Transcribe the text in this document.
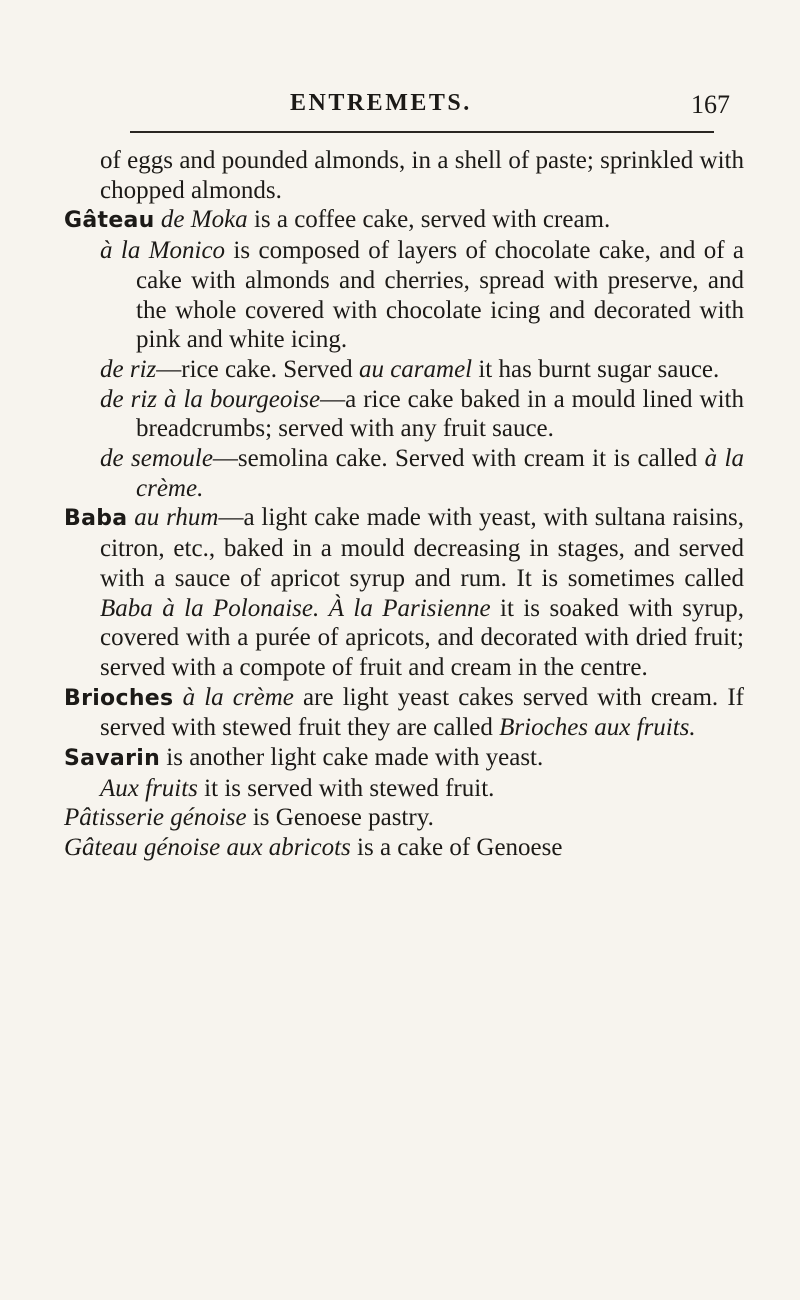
ENTREMETS.	167

of eggs and pounded almonds, in a shell of paste; sprinkled with chopped almonds.

Gâteau de Moka is a coffee cake, served with cream.

à la Monico is composed of layers of chocolate cake, and of a cake with almonds and cherries, spread with preserve, and the whole covered with chocolate icing and decorated with pink and white icing.

de riz—rice cake. Served au caramel it has burnt sugar sauce.

de riz à la bourgeoise—a rice cake baked in a mould lined with breadcrumbs; served with any fruit sauce.

de semoule—semolina cake. Served with cream it is called à la crème.

Baba au rhum—a light cake made with yeast, with sultana raisins, citron, etc., baked in a mould decreasing in stages, and served with a sauce of apricot syrup and rum. It is sometimes called Baba à la Polonaise. À la Parisienne it is soaked with syrup, covered with a purée of apricots, and decorated with dried fruit; served with a compote of fruit and cream in the centre.

Brioches à la crème are light yeast cakes served with cream. If served with stewed fruit they are called Brioches aux fruits.

Savarin is another light cake made with yeast.

Aux fruits it is served with stewed fruit.

Pâtisserie génoise is Genoese pastry.

Gâteau génoise aux abricots is a cake of Genoese
